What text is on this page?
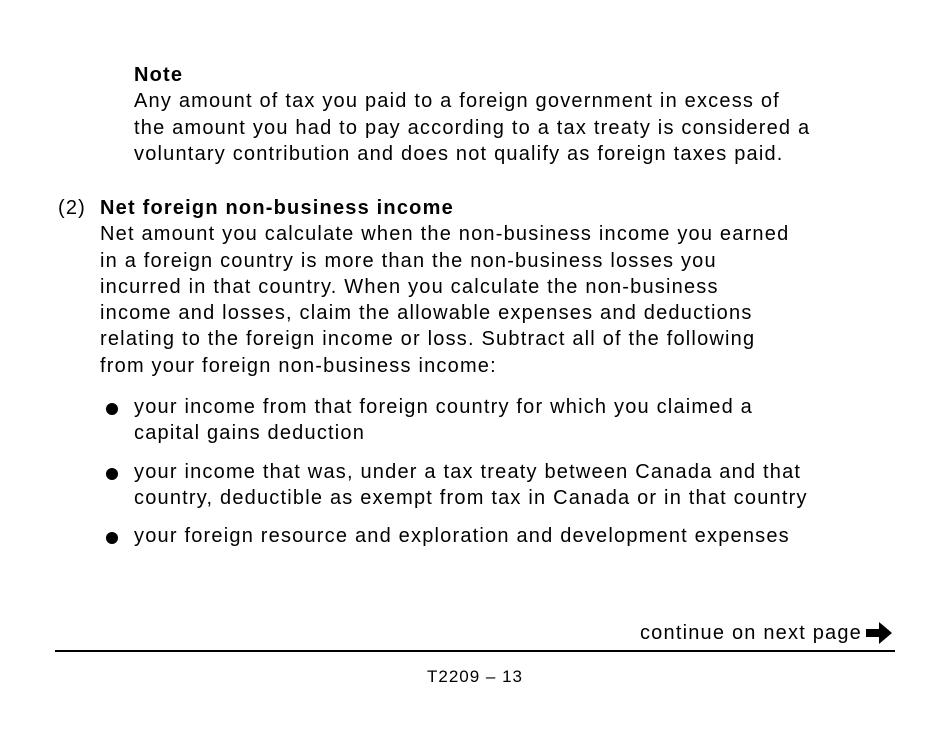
Note
Any amount of tax you paid to a foreign government in excess of
the amount you had to pay according to a tax treaty is considered a
voluntary contribution and does not qualify as foreign taxes paid.
(2) Net foreign non-business income
Net amount you calculate when the non-business income you earned
in a foreign country is more than the non-business losses you
incurred in that country. When you calculate the non-business
income and losses, claim the allowable expenses and deductions
relating to the foreign income or loss. Subtract all of the following
from your foreign non-business income:
your income from that foreign country for which you claimed a
capital gains deduction
your income that was, under a tax treaty between Canada and that
country, deductible as exempt from tax in Canada or in that country
your foreign resource and exploration and development expenses
continue on next page
T2209 – 13
